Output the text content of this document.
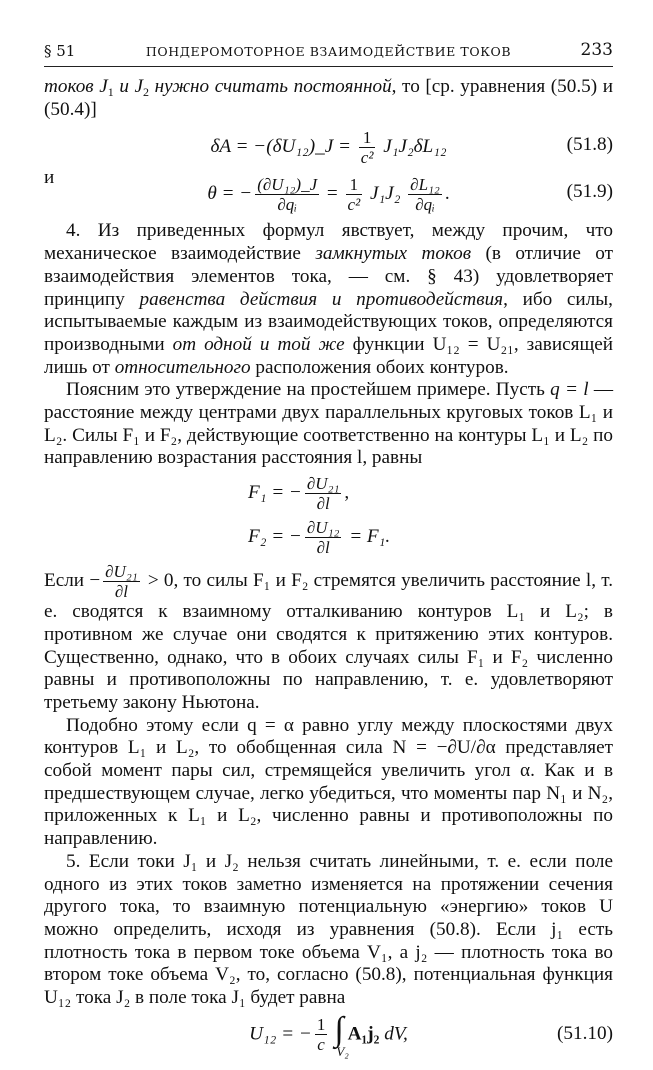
§ 51	ПОНДЕРОМОТОРНОЕ ВЗАИМОДЕЙСТВИЕ ТОКОВ	233

токов $J_1$ и $J_2$ нужно считать постоянной, то [ср. уравнения (50.5) и (50.4)]

δA = −(δU₁₂)_J = $\frac{1}{\text{c²}} J_1J_2\delta L_{12}$	(51.8)
и
θ = − $\frac{\text{(∂U₁₂)\_J}}{\text{∂qᵢ}} = \frac{1}{\text{c²}} J_1J_2 \frac{\text{∂L₁₂}}{\text{∂qᵢ}}$ .	(51.9)

4. Из приведенных формул явствует, между прочим, что механическое взаимодействие замкнутых токов (в отличие от взаимодействия элементов тока, — см. § 43) удовлетворяет принципу равенства действия и противодействия, ибо силы, испытываемые каждым из взаимодействующих токов, определяются производными от одной и той же функции U₁₂ = U₂₁, зависящей лишь от относительного расположения обоих контуров.

Поясним это утверждение на простейшем примере. Пусть q = l — расстояние между центрами двух параллельных круговых токов L₁ и L₂. Силы F₁ и F₂, действующие соответственно на контуры L₁ и L₂ по направлению возрастания расстояния l, равны

F₁ = − $\frac{\text{∂U₂₁}}{\partial l}$ ,
F₂ = − $\frac{\text{∂U₁₂}}{\partial l} = F_1$.

Если − $\frac{\text{∂U₂₁}}{\partial l} > 0$, то силы F₁ и F₂ стремятся увеличить расстояние l, т. е. сводятся к взаимному отталкиванию контуров L₁ и L₂; в противном же случае они сводятся к притяжению этих контуров. Существенно, однако, что в обоих случаях силы F₁ и F₂ численно равны и противоположны по направлению, т. е. удовлетворяют третьему закону Ньютона.

Подобно этому если q = α равно углу между плоскостями двух контуров L₁ и L₂, то обобщенная сила N = −∂U/∂α представляет собой момент пары сил, стремящейся увеличить угол α. Как и в предшествующем случае, легко убедиться, что моменты пар N₁ и N₂, приложенных к L₁ и L₂, численно равны и противоположны по направлению.

5. Если токи J₁ и J₂ нельзя считать линейными, т. е. если поле одного из этих токов заметно изменяется на протяжении сечения другого тока, то взаимную потенциальную «энергию» токов U можно определить, исходя из уравнения (50.8). Если j₁ есть плотность тока в первом токе объема V₁, а j₂ — плотность тока во втором токе объема V₂, то, согласно (50.8), потенциальная функция U₁₂ тока J₂ в поле тока J₁ будет равна

U₁₂ = − $\frac{1}{c}$ ∫
V₂
A₁j₂ dV,	(51.10)
